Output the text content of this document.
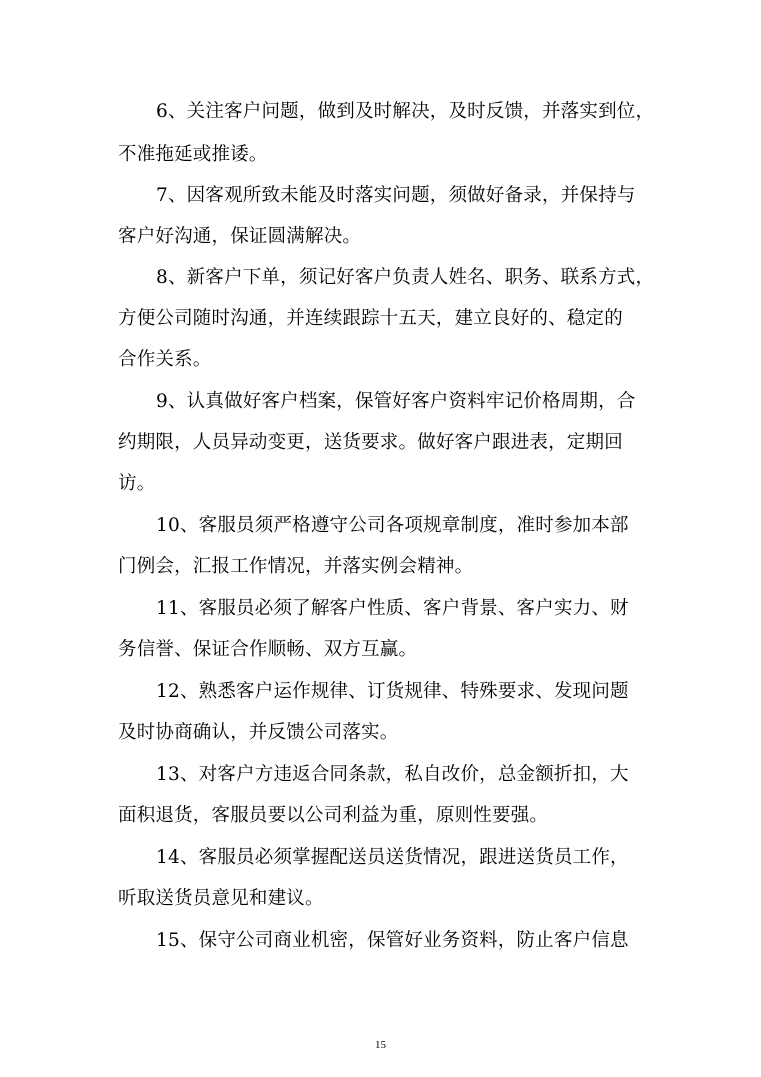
6、关注客户问题，做到及时解决，及时反馈，并落实到位，
不准拖延或推诿。
7、因客观所致未能及时落实问题，须做好备录，并保持与
客户好沟通，保证圆满解决。
8、新客户下单，须记好客户负责人姓名、职务、联系方式，
方便公司随时沟通，并连续跟踪十五天，建立良好的、稳定的
合作关系。
9、认真做好客户档案，保管好客户资料牢记价格周期，合
约期限，人员异动变更，送货要求。做好客户跟进表，定期回
访。
10、客服员须严格遵守公司各项规章制度，准时参加本部
门例会，汇报工作情况，并落实例会精神。
11、客服员必须了解客户性质、客户背景、客户实力、财
务信誉、保证合作顺畅、双方互赢。
12、熟悉客户运作规律、订货规律、特殊要求、发现问题
及时协商确认，并反馈公司落实。
13、对客户方违返合同条款，私自改价，总金额折扣，大
面积退货，客服员要以公司利益为重，原则性要强。
14、客服员必须掌握配送员送货情况，跟进送货员工作，
听取送货员意见和建议。
15、保守公司商业机密，保管好业务资料，防止客户信息
15
